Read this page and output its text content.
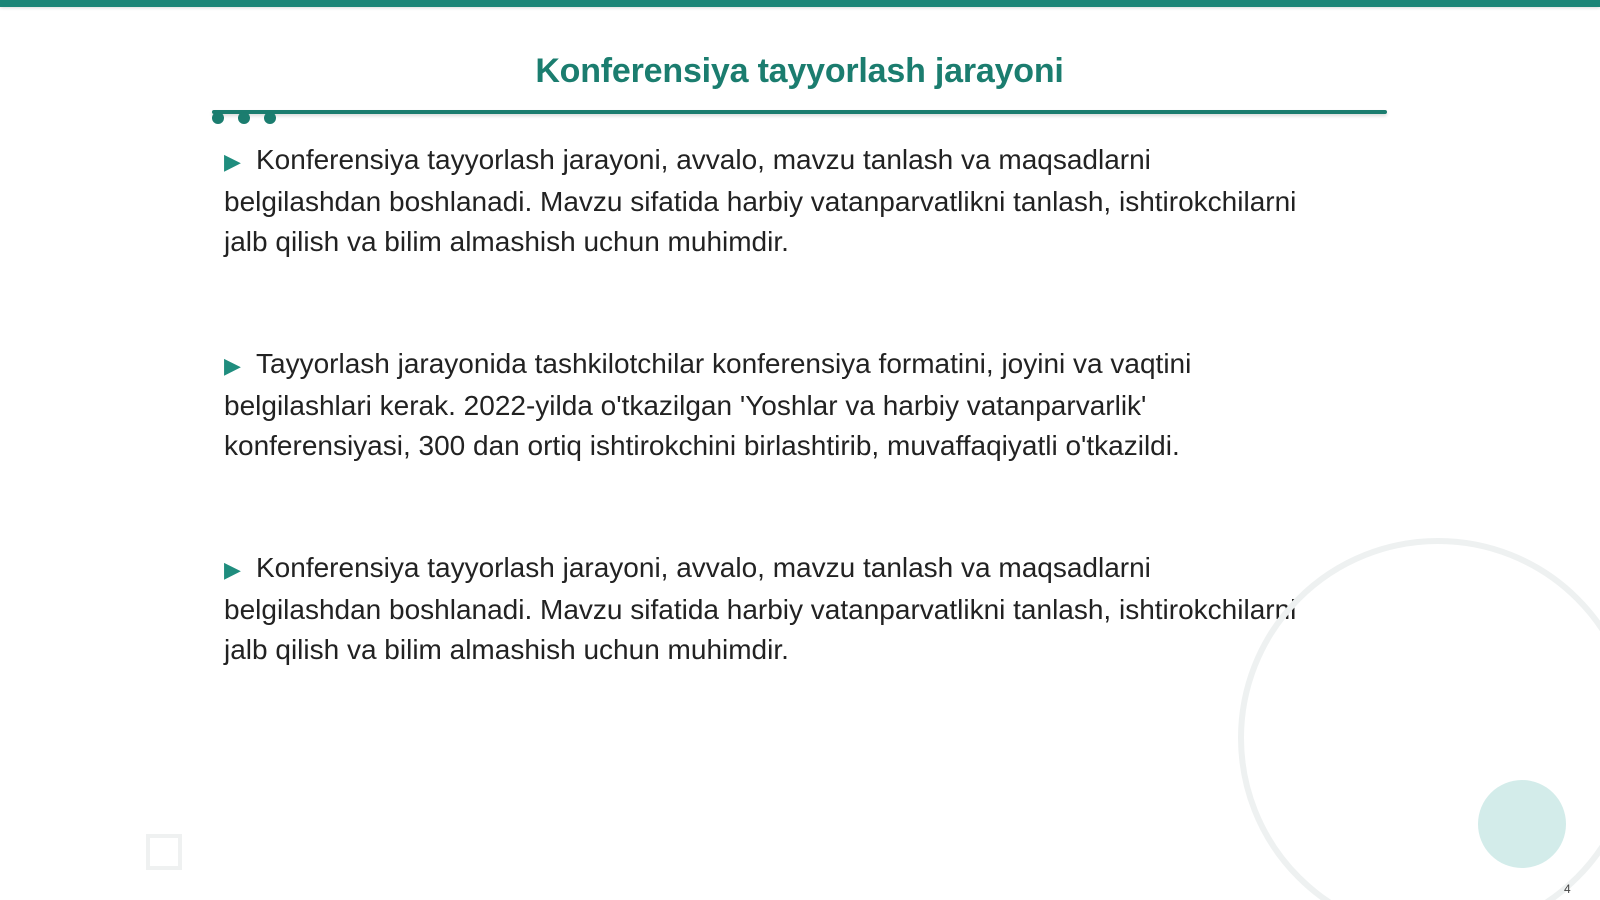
Konferensiya tayyorlash jarayoni

▶ Konferensiya tayyorlash jarayoni, avvalo, mavzu tanlash va maqsadlarni belgilashdan boshlanadi. Mavzu sifatida harbiy vatanparvatlikni tanlash, ishtirokchilarni jalb qilish va bilim almashish uchun muhimdir.

▶ Tayyorlash jarayonida tashkilotchilar konferensiya formatini, joyini va vaqtini belgilashlari kerak. 2022-yilda o'tkazilgan 'Yoshlar va harbiy vatanparvarlik' konferensiyasi, 300 dan ortiq ishtirokchini birlashtirib, muvaffaqiyatli o'tkazildi.

▶ Konferensiya tayyorlash jarayoni, avvalo, mavzu tanlash va maqsadlarni belgilashdan boshlanadi. Mavzu sifatida harbiy vatanparvatlikni tanlash, ishtirokchilarni jalb qilish va bilim almashish uchun muhimdir.

4
